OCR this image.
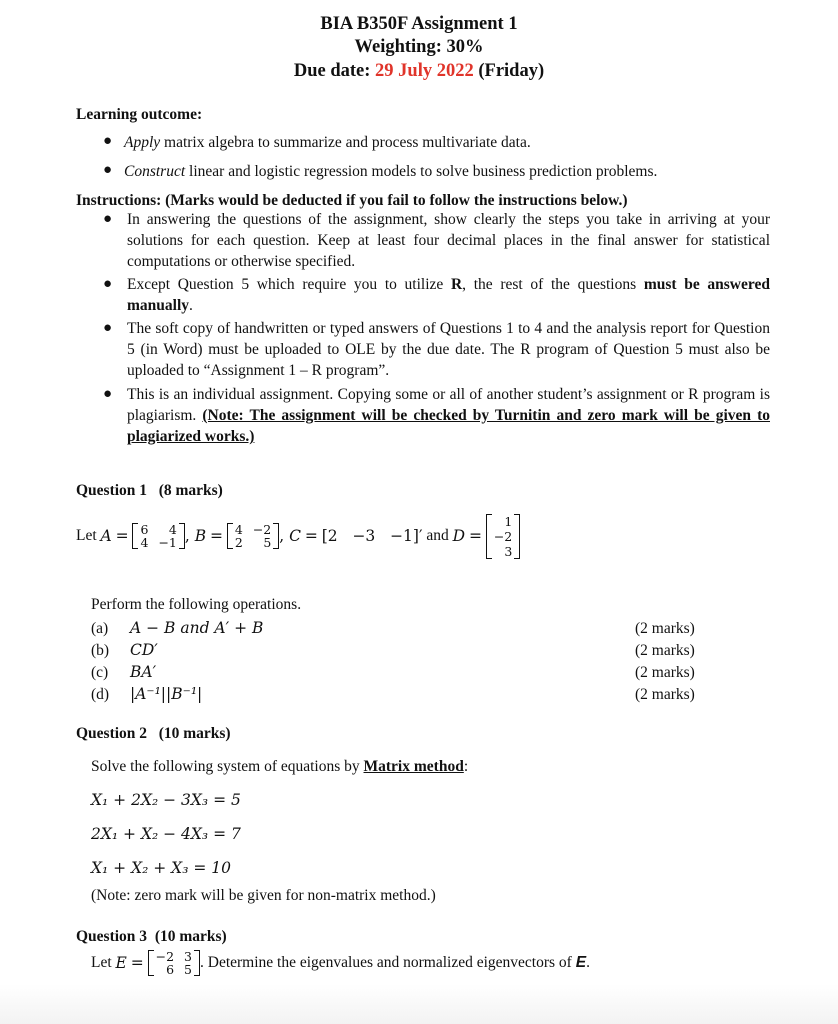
BIA B350F Assignment 1
Weighting: 30%
Due date: 29 July 2022 (Friday)
Learning outcome:
● Apply matrix algebra to summarize and process multivariate data.
● Construct linear and logistic regression models to solve business prediction problems.
Instructions: (Marks would be deducted if you fail to follow the instructions below.)
● In answering the questions of the assignment, show clearly the steps you take in arriving at your solutions for each question. Keep at least four decimal places in the final answer for statistical computations or otherwise specified.
● Except Question 5 which require you to utilize R, the rest of the questions must be answered manually.
● The soft copy of handwritten or typed answers of Questions 1 to 4 and the analysis report for Question 5 (in Word) must be uploaded to OLE by the due date. The R program of Question 5 must also be uploaded to “Assignment 1 – R program”.
● This is an individual assignment. Copying some or all of another student’s assignment or R program is plagiarism. (Note: The assignment will be checked by Turnitin and zero mark will be given to plagiarized works.)
Question 1 (8 marks)
Let
A
=
6	4
4 −1 , B
=
4 −2
2	5 , C
=
[2   −3   −1]′
and
D
=

1
−2
3
Perform the following operations.
(a) A − B and A′ + B	(2 marks)
(b) CD′	(2 marks)
(c) BA′	(2 marks)
(d) |A⁻¹||B⁻¹|	(2 marks)
Question 2 (10 marks)
Solve the following system of equations by Matrix method:
X₁ + 2X₂ − 3X₃ = 5
2X₁ + X₂ − 4X₃ = 7
X₁ + X₂ + X₃ = 10
(Note: zero mark will be given for non-matrix method.)
Question 3 (10 marks)
Let
E
=
−2 3
6 5 . Determine the eigenvalues and normalized eigenvectors of
E .
